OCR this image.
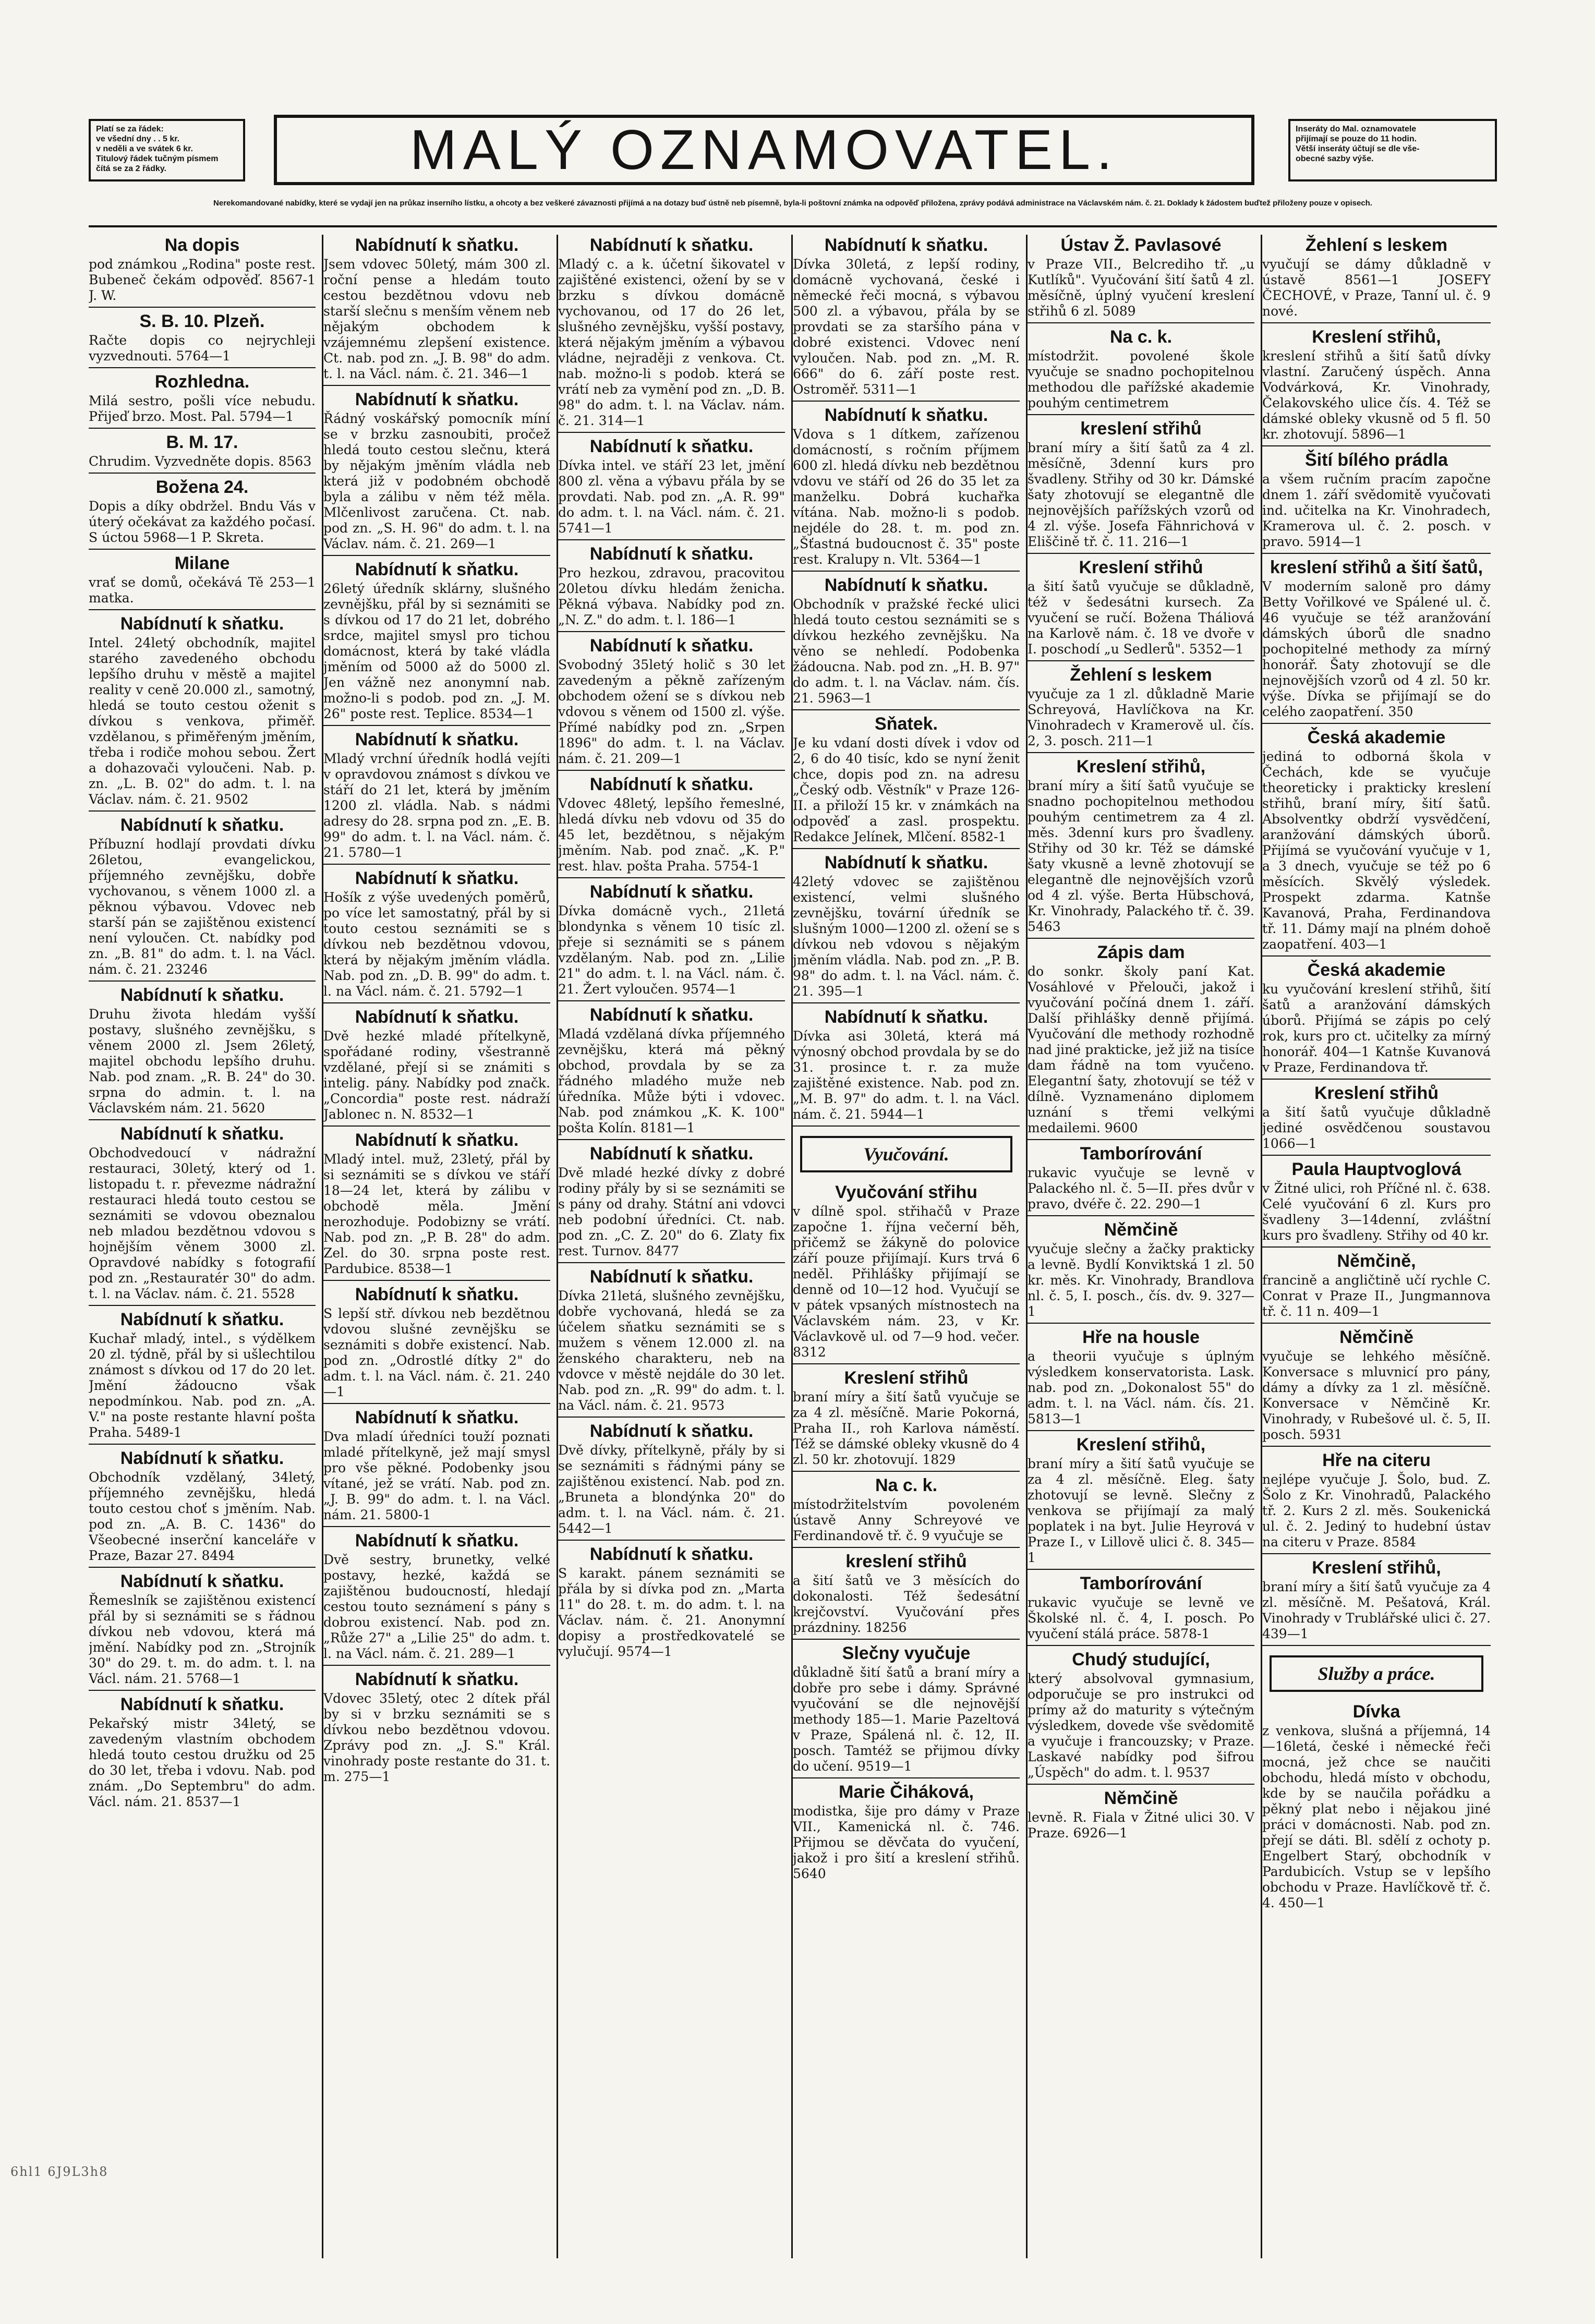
Platí se za řádek:
ve všední dny . . 5 kr.
v neděli a ve svátek 6 kr.
Titulový řádek tučným písmem
čítá se za 2 řádky.	MALÝ OZNAMOVATEL.	Inseráty do Mal. oznamovatele
přijímají se pouze do 11 hodin.
Větší inseráty účtují se dle vše-
obecné sazby výše.
Nerekomandované nabídky, které se vydají jen na průkaz inserního lístku, a ohcoty a bez veškeré závaznosti přijímá a na dotazy buď ústně neb písemně, byla-li poštovní známka na odpověď přiložena, zprávy podává administrace na Václavském nám. č. 21. Doklady k žádostem buďtež přiloženy pouze v opisech.
Na dopis
pod známkou „Rodina" poste rest. Bubeneč čekám odpověď. 8567-1 J. W.
S. B. 10. Plzeň.
Račte dopis co nejrychleji vyzvednouti. 5764—1
Rozhledna.
Milá sestro, pošli více nebudu. Přijeď brzo. Most. Pal. 5794—1
B. M. 17.
Chrudim. Vyzvedněte dopis. 8563
Božena 24.
Dopis a díky obdržel. Bndu Vás v úterý očekávat za každého počasí. S úctou 5968—1 P. Skreta.
Milane
vrať se domů, očekává Tě 253—1 matka.
Nabídnutí k sňatku.
Intel. 24letý obchodník, majitel starého zavedeného obchodu lepšího druhu v městě a majitel reality v ceně 20.000 zl., samotný, hledá se touto cestou oženit s dívkou s venkova, přiměř. vzdělanou, s přiměřeným jměním, třeba i rodiče mohou sebou. Žert a dohazovači vyloučeni. Nab. p. zn. „L. B. 02" do adm. t. l. na Václav. nám. č. 21. 9502
Nabídnutí k sňatku.
Příbuzní hodlají provdati dívku 26letou, evangelickou, příjemného zevnějšku, dobře vychovanou, s věnem 1000 zl. a pěknou výbavou. Vdovec neb starší pán se zajištěnou existencí není vyloučen. Ct. nabídky pod zn. „B. 81" do adm. t. l. na Václ. nám. č. 21. 23246
Nabídnutí k sňatku.
Druhu života hledám vyšší postavy, slušného zevnějšku, s věnem 2000 zl. Jsem 26letý, majitel obchodu lepšího druhu. Nab. pod znam. „R. B. 24" do 30. srpna do admin. t. l. na Václavském nám. 21. 5620
Nabídnutí k sňatku.
Obchodvedoucí v nádražní restauraci, 30letý, který od 1. listopadu t. r. převezme nádražní restauraci hledá touto cestou se seznámiti se vdovou obeznalou neb mladou bezdětnou vdovou s hojnějším věnem 3000 zl. Opravdové nabídky s fotografií pod zn. „Restauratér 30" do adm. t. l. na Václav. nám. č. 21. 5528
Nabídnutí k sňatku.
Kuchař mladý, intel., s výdělkem 20 zl. týdně, přál by si ušlechtilou známost s dívkou od 17 do 20 let. Jmění žádoucno však nepodmínkou. Nab. pod zn. „A. V." na poste restante hlavní pošta Praha. 5489-1
Nabídnutí k sňatku.
Obchodník vzdělaný, 34letý, příjemného zevnějšku, hledá touto cestou choť s jměním. Nab. pod zn. „A. B. C. 1436" do Všeobecné inserční kanceláře v Praze, Bazar 27. 8494
Nabídnutí k sňatku.
Řemeslník se zajištěnou existencí přál by si seznámiti se s řádnou dívkou neb vdovou, která má jmění. Nabídky pod zn. „Strojník 30" do 29. t. m. do adm. t. l. na Václ. nám. 21. 5768—1
Nabídnutí k sňatku.
Pekařský mistr 34letý, se zavedeným vlastním obchodem hledá touto cestou družku od 25 do 30 let, třeba i vdovu. Nab. pod znám. „Do Septembru" do adm. Václ. nám. 21. 8537—1
Nabídnutí k sňatku.
Jsem vdovec 50letý, mám 300 zl. roční pense a hledám touto cestou bezdětnou vdovu neb starší slečnu s menším věnem neb nějakým obchodem k vzájemnému zlepšení existence. Ct. nab. pod zn. „J. B. 98" do adm. t. l. na Václ. nám. č. 21. 346—1
Nabídnutí k sňatku.
Řádný voskářský pomocník míní se v brzku zasnoubiti, pročež hledá touto cestou slečnu, která by nějakým jměním vládla neb která již v podobném obchodě byla a zálibu v něm též měla. Mlčenlivost zaručena. Ct. nab. pod zn. „S. H. 96" do adm. t. l. na Václav. nám. č. 21. 269—1
Nabídnutí k sňatku.
26letý úředník sklárny, slušného zevnějšku, přál by si seznámiti se s dívkou od 17 do 21 let, dobrého srdce, majitel smysl pro tichou domácnost, která by také vládla jměním od 5000 až do 5000 zl. Jen vážně nez anonymní nab. možno-li s podob. pod zn. „J. M. 26" poste rest. Teplice. 8534—1
Nabídnutí k sňatku.
Mladý vrchní úředník hodlá vejíti v opravdovou známost s dívkou ve stáří do 21 let, která by jměním 1200 zl. vládla. Nab. s nádmi adresy do 28. srpna pod zn. „E. B. 99" do adm. t. l. na Václ. nám. č. 21. 5780—1
Nabídnutí k sňatku.
Hošík z výše uvedených poměrů, po více let samostatný, přál by si touto cestou seznámiti se s dívkou neb bezdětnou vdovou, která by nějakým jměním vládla. Nab. pod zn. „D. B. 99" do adm. t. l. na Václ. nám. č. 21. 5792—1
Nabídnutí k sňatku.
Dvě hezké mladé přítelkyně, spořádané rodiny, všestranně vzdělané, přejí si se známiti s intelig. pány. Nabídky pod značk. „Concordia" poste rest. nádraží Jablonec n. N. 8532—1
Nabídnutí k sňatku.
Mladý intel. muž, 23letý, přál by si seznámiti se s dívkou ve stáří 18—24 let, která by zálibu v obchodě měla. Jmění nerozhoduje. Podobizny se vrátí. Nab. pod zn. „P. B. 28" do adm. Zel. do 30. srpna poste rest. Pardubice. 8538—1
Nabídnutí k sňatku.
S lepší stř. dívkou neb bezdětnou vdovou slušné zevnějšku se seznámiti s dobře existencí. Nab. pod zn. „Odrostlé dítky 2" do adm. t. l. na Václ. nám. č. 21. 240—1
Nabídnutí k sňatku.
Dva mladí úředníci touží poznati mladé přítelkyně, jež mají smysl pro vše pěkné. Podobenky jsou vítané, jež se vrátí. Nab. pod zn. „J. B. 99" do adm. t. l. na Václ. nám. 21. 5800-1
Nabídnutí k sňatku.
Dvě sestry, brunetky, velké postavy, hezké, každá se zajištěnou budoucností, hledají cestou touto seznámení s pány s dobrou existencí. Nab. pod zn. „Růže 27" a „Lilie 25" do adm. t. l. na Václ. nám. č. 21. 289—1
Nabídnutí k sňatku.
Vdovec 35letý, otec 2 dítek přál by si v brzku seznámiti se s dívkou nebo bezdětnou vdovou. Zprávy pod zn. „J. S." Král. vinohrady poste restante do 31. t. m. 275—1
Nabídnutí k sňatku.
Mladý c. a k. účetní šikovatel v zajištěné existenci, ožení by se v brzku s dívkou domácně vychovanou, od 17 do 26 let, slušného zevnějšku, vyšší postavy, která nějakým jměním a výbavou vládne, nejraději z venkova. Ct. nab. možno-li s podob. která se vrátí neb za vymění pod zn. „D. B. 98" do adm. t. l. na Václav. nám. č. 21. 314—1
Nabídnutí k sňatku.
Dívka intel. ve stáří 23 let, jmění 800 zl. věna a výbavu přála by se provdati. Nab. pod zn. „A. R. 99" do adm. t. l. na Václ. nám. č. 21. 5741—1
Nabídnutí k sňatku.
Pro hezkou, zdravou, pracovitou 20letou dívku hledám ženicha. Pěkná výbava. Nabídky pod zn. „N. Z." do adm. t. l. 186—1
Nabídnutí k sňatku.
Svobodný 35letý holič s 30 let zavedeným a pěkně zařízeným obchodem ožení se s dívkou neb vdovou s věnem od 1500 zl. výše. Přímé nabídky pod zn. „Srpen 1896" do adm. t. l. na Václav. nám. č. 21. 209—1
Nabídnutí k sňatku.
Vdovec 48letý, lepšího řemeslné, hledá dívku neb vdovu od 35 do 45 let, bezdětnou, s nějakým jměním. Nab. pod znač. „K. P." rest. hlav. pošta Praha. 5754-1
Nabídnutí k sňatku.
Dívka domácně vych., 21letá blondynka s věnem 10 tisíc zl. přeje si seznámiti se s pánem vzdělaným. Nab. pod zn. „Lilie 21" do adm. t. l. na Václ. nám. č. 21. Žert vyloučen. 9574—1
Nabídnutí k sňatku.
Mladá vzdělaná dívka příjemného zevnějšku, která má pěkný obchod, provdala by se za řádného mladého muže neb úředníka. Může býti i vdovec. Nab. pod známkou „K. K. 100" pošta Kolín. 8181—1
Nabídnutí k sňatku.
Dvě mladé hezké dívky z dobré rodiny přály by si se seznámiti se s pány od drahy. Státní ani vdovci neb podobní úředníci. Ct. nab. pod zn. „C. Z. 20" do 6. Zlaty fix rest. Turnov. 8477
Nabídnutí k sňatku.
Dívka 21letá, slušného zevnějšku, dobře vychovaná, hledá se za účelem sňatku seznámiti se s mužem s věnem 12.000 zl. na ženského charakteru, neb na vdovce v městě nejdále do 30 let. Nab. pod zn. „R. 99" do adm. t. l. na Václ. nám. č. 21. 9573
Nabídnutí k sňatku.
Dvě dívky, přítelkyně, přály by si se seznámiti s řádnými pány se zajištěnou existencí. Nab. pod zn. „Bruneta a blondýnka 20" do adm. t. l. na Václ. nám. č. 21. 5442—1
Nabídnutí k sňatku.
S karakt. pánem seznámiti se přála by si dívka pod zn. „Marta 11" do 28. t. m. do adm. t. l. na Václav. nám. č. 21. Anonymní dopisy a prostředkovatelé se vylučují. 9574—1
Nabídnutí k sňatku.
Dívka 30letá, z lepší rodiny, domácně vychovaná, české i německé řeči mocná, s výbavou 500 zl. a výbavou, přála by se provdati se za staršího pána v dobré existenci. Vdovec není vyloučen. Nab. pod zn. „M. R. 666" do 6. září poste rest. Ostroměř. 5311—1
Nabídnutí k sňatku.
Vdova s 1 dítkem, zařízenou domácností, s ročním příjmem 600 zl. hledá dívku neb bezdětnou vdovu ve stáří od 26 do 35 let za manželku. Dobrá kuchařka vítána. Nab. možno-li s podob. nejdéle do 28. t. m. pod zn. „Šťastná budoucnost č. 35" poste rest. Kralupy n. Vlt. 5364—1
Nabídnutí k sňatku.
Obchodník v pražské řecké ulici hledá touto cestou seznámiti se s dívkou hezkého zevnějšku. Na věno se nehledí. Podobenka žádoucna. Nab. pod zn. „H. B. 97" do adm. t. l. na Václav. nám. čís. 21. 5963—1
Sňatek.
Je ku vdaní dosti dívek i vdov od 2, 6 do 40 tisíc, kdo se nyní ženit chce, dopis pod zn. na adresu „Český odb. Věstník" v Praze 126-II. a přiloží 15 kr. v známkách na odpověď a zasl. prospektu. Redakce Jelínek, Mlčení. 8582-1
Nabídnutí k sňatku.
42letý vdovec se zajištěnou existencí, velmi slušného zevnějšku, tovární úředník se slušným 1000—1200 zl. ožení se s dívkou neb vdovou s nějakým jměním vládla. Nab. pod zn. „P. B. 98" do adm. t. l. na Václ. nám. č. 21. 395—1
Nabídnutí k sňatku.
Dívka asi 30letá, která má výnosný obchod provdala by se do 31. prosince t. r. za muže zajištěné existence. Nab. pod zn. „M. B. 97" do adm. t. l. na Václ. nám. č. 21. 5944—1
Vyučování.
Vyučování střihu
v dílně spol. střihačů v Praze započne 1. října večerní běh, přičemž se žákyně do polovice září pouze přijímají. Kurs trvá 6 neděl. Přihlášky přijímají se denně od 10—12 hod. Vyučují se v pátek vpsaných místnostech na Václavském nám. 23, v Kr. Václavkově ul. od 7—9 hod. večer. 8312
Kreslení střihů
braní míry a šití šatů vyučuje se za 4 zl. měsíčně. Marie Pokorná, Praha II., roh Karlova náměstí. Též se dámské obleky vkusně do 4 zl. 50 kr. zhotovují. 1829
Na c. k.
místodržitelstvím povoleném ústavě Anny Schreyové ve Ferdinandově tř. č. 9 vyučuje se
kreslení střihů
a šití šatů ve 3 měsících do dokonalosti. Též šedesátní krejčovství. Vyučování přes prázdniny. 18256
Slečny vyučuje
důkladně šití šatů a braní míry a dobře pro sebe i dámy. Správné vyučování se dle nejnovější methody 185—1. Marie Pazeltová v Praze, Spálená nl. č. 12, II. posch. Tamtéž se přijmou dívky do učení. 9519—1
Marie Čiháková,
modistka, šije pro dámy v Praze VII., Kamenická nl. č. 746. Přijmou se děvčata do vyučení, jakož i pro šití a kreslení střihů. 5640
Ústav Ž. Pavlasové
v Praze VII., Belcrediho tř. „u Kutlíků". Vyučování šití šatů 4 zl. měsíčně, úplný vyučení kreslení střihů 6 zl. 5089
Na c. k.
místodržit. povolené škole vyučuje se snadno pochopitelnou methodou dle pařížské akademie pouhým centimetrem
kreslení střihů
braní míry a šití šatů za 4 zl. měsíčně, 3denní kurs pro švadleny. Střihy od 30 kr. Dámské šaty zhotovují se elegantně dle nejnovějších pařížských vzorů od 4 zl. výše. Josefa Fähnrichová v Eliščině tř. č. 11. 216—1
Kreslení střihů
a šití šatů vyučuje se důkladně, též v šedesátni kursech. Za vyučení se ručí. Božena Tháliová na Karlově nám. č. 18 ve dvoře v I. poschodí „u Sedlerů". 5352—1
Žehlení s leskem
vyučuje za 1 zl. důkladně Marie Schreyová, Havlíčkova na Kr. Vinohradech v Kramerově ul. čís. 2, 3. posch. 211—1
Kreslení střihů,
braní míry a šití šatů vyučuje se snadno pochopitelnou methodou pouhým centimetrem za 4 zl. měs. 3denní kurs pro švadleny. Střihy od 30 kr. Též se dámské šaty vkusně a levně zhotovují se elegantně dle nejnovějších vzorů od 4 zl. výše. Berta Hübschová, Kr. Vinohrady, Palackého tř. č. 39. 5463
Zápis dam
do sonkr. školy paní Kat. Vosáhlové v Přelouči, jakož i vyučování počíná dnem 1. září. Další přihlášky denně přijímá. Vyučování dle methody rozhodně nad jiné prakticke, jež již na tisíce dam řádně na tom vyučeno. Elegantní šaty, zhotovují se též v dílně. Vyznamenáno diplomem uznání s třemi velkými medailemi. 9600
Tamborírování
rukavic vyučuje se levně v Palackého nl. č. 5—II. přes dvůr v pravo, dvéře č. 22. 290—1
Němčině
vyučuje slečny a žačky prakticky a levně. Bydlí Konviktská 1 zl. 50 kr. měs. Kr. Vinohrady, Brandlova nl. č. 5, I. posch., čís. dv. 9. 327—1
Hře na housle
a theorii vyučuje s úplným výsledkem konservatorista. Lask. nab. pod zn. „Dokonalost 55" do adm. t. l. na Václ. nám. čís. 21. 5813—1
Kreslení střihů,
braní míry a šití šatů vyučuje se za 4 zl. měsíčně. Eleg. šaty zhotovují se levně. Slečny z venkova se přijímají za malý poplatek i na byt. Julie Heyrová v Praze I., v Lillově ulici č. 8. 345—1
Tamborírování
rukavic vyučuje se levně ve Školské nl. č. 4, I. posch. Po vyučení stálá práce. 5878-1
Chudý studující,
který absolvoval gymnasium, odporučuje se pro instrukci od prímy až do maturity s výtečným výsledkem, dovede vše svědomitě a vyučuje i francouzsky; v Praze. Laskavé nabídky pod šifrou „Úspěch" do adm. t. l. 9537
Němčině
levně. R. Fiala v Žitné ulici 30. V Praze. 6926—1
Žehlení s leskem
vyučují se dámy důkladně v ústavě 8561—1 JOSEFY ČECHOVÉ, v Praze, Tanní ul. č. 9 nové.
Kreslení střihů,
kreslení střihů a šití šatů dívky vlastní. Zaručený úspěch. Anna Vodvárková, Kr. Vinohrady, Čelakovského ulice čís. 4. Též se dámské obleky vkusně od 5 fl. 50 kr. zhotovují. 5896—1
Šití bílého prádla
a všem ručním pracím započne dnem 1. září svědomitě vyučovati ind. učitelka na Kr. Vinohradech, Kramerova ul. č. 2. posch. v pravo. 5914—1
kreslení střihů a šití šatů,
V moderním saloně pro dámy Betty Vořilkové ve Spálené ul. č. 46 vyučuje se též aranžování dámských úborů dle snadno pochopitelné methody za mírný honorář. Šaty zhotovují se dle nejnovějších vzorů od 4 zl. 50 kr. výše. Dívka se přijímají se do celého zaopatření. 350
Česká akademie
jediná to odborná škola v Čechách, kde se vyučuje theoreticky i prakticky kreslení střihů, braní míry, šití šatů. Absolventky obdrží vysvědčení, aranžování dámských úborů. Přijímá se vyučování vyučuje v 1, a 3 dnech, vyučuje se též po 6 měsících. Skvělý výsledek. Prospekt zdarma. Katnše Kavanová, Praha, Ferdinandova tř. 11. Dámy mají na plném dohoě zaopatření. 403—1
Česká akademie
ku vyučování kreslení střihů, šití šatů a aranžování dámských úborů. Přijímá se zápis po celý rok, kurs pro ct. učitelky za mírný honorář. 404—1 Katnše Kuvanová v Praze, Ferdinandova tř.
Kreslení střihů
a šití šatů vyučuje důkladně jediné osvědčenou soustavou 1066—1
Paula Hauptvoglová
v Žitné ulici, roh Příčné nl. č. 638. Celé vyučování 6 zl. Kurs pro švadleny 3—14denní, zvláštní kurs pro švadleny. Střihy od 40 kr.
Němčině,
francině a angličtině učí rychle C. Conrat v Praze II., Jungmannova tř. č. 11 n. 409—1
Němčině
vyučuje se lehkého měsíčně. Konversace s mluvnicí pro pány, dámy a dívky za 1 zl. měsíčně. Konversace v Němčině Kr. Vinohrady, v Rubešové ul. č. 5, II. posch. 5931
Hře na citeru
nejlépe vyučuje J. Šolo, bud. Z. Šolo z Kr. Vinohradů, Palackého tř. 2. Kurs 2 zl. měs. Soukenická ul. č. 2. Jediný to hudební ústav na citeru v Praze. 8584
Kreslení střihů,
braní míry a šití šatů vyučuje za 4 zl. měsíčně. M. Pešatová, Král. Vinohrady v Trublářské ulici č. 27. 439—1
Služby a práce.
Dívka
z venkova, slušná a příjemná, 14—16letá, české i německé řeči mocná, jež chce se naučiti obchodu, hledá místo v obchodu, kde by se naučila pořádku a pěkný plat nebo i nějakou jiné práci v domácnosti. Nab. pod zn. přejí se dáti. Bl. sdělí z ochoty p. Engelbert Starý, obchodník v Pardubicích. Vstup se v lepšího obchodu v Praze. Havlíčkově tř. č. 4. 450—1
6hl1 6J9L3h8
